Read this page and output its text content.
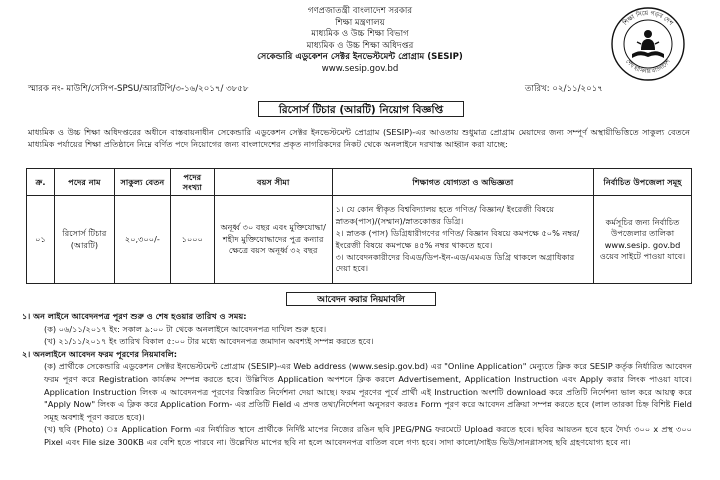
গণপ্রজাতন্ত্রী বাংলাদেশ সরকার
শিক্ষা মন্ত্রণালয়
মাধ্যমিক ও উচ্চ শিক্ষা বিভাগ
মাধ্যমিক ও উচ্চ শিক্ষা অধিদপ্তর
সেকেন্ডারি এডুকেশন সেক্টর ইনভেস্টমেন্ট প্রোগ্রাম (SESIP)
www.sesip.gov.bd
শিক্ষা নিয়ে গড়ব দেশ
শেখ হাসিনার বাংলাদেশ
স্মারক নং- মাউশি/সেসিপ-SPSU/আরটিপি/৩-১৬/২০১৭/ ৩৮৫৮	তারিখ: ০২/১১/২০১৭
রিসোর্স টিচার (আরটি) নিয়োগ বিজ্ঞপ্তি
মাধ্যমিক ও উচ্চ শিক্ষা অধিদপ্তরের অধীনে বাস্তবায়নাধীন সেকেন্ডারি এডুকেশন সেক্টর ইনভেস্টমেন্ট প্রোগ্রাম (SESIP)-এর আওতায় শুধুমাত্র প্রোগ্রাম মেয়াদের জন্য সম্পূর্ণ অস্থায়ীভিত্তিতে সাকুল্য বেতনে মাধ্যমিক পর্যায়ের শিক্ষা প্রতিষ্ঠানে নিম্নে বর্ণিত পদে নিয়োগের জন্য বাংলাদেশের প্রকৃত নাগরিকদের নিকট থেকে অনলাইনে দরখাস্ত আহ্বান করা যাচ্ছে:
ক্র.	পদের নাম	সাকুল্য বেতন	পদের সংখ্যা	বয়স সীমা	শিক্ষাগত যোগ্যতা ও অভিজ্ঞতা	নির্বাচিত উপজেলা সমূহ
০১	রিসোর্স টিচার (আরটি)	২০,৩০০/-	১০০০	অনূর্ধ্ব ৩০ বছর এবং মুক্তিযোদ্ধা/শহীদ মুক্তিযোদ্ধাদের পুত্র কন্যার ক্ষেত্রে বয়স অনূর্ধ্ব ৩২ বছর	১। যে কোন স্বীকৃত বিশ্ববিদ্যালয় হতে গণিত/ বিজ্ঞান/ ইংরেজী বিষয়ে স্নাতক(পাস)/(সম্মান)/স্নাতকোত্তর ডিগ্রি।
২। স্নাতক (পাস) ডিগ্রিধারীগণের গণিত/ বিজ্ঞান বিষয়ে কমপক্ষে ৫০% নম্বর/ইংরেজী বিষয়ে কমপক্ষে ৪৫% নম্বর থাকতে হবে।
৩। আবেদনকারীদের বিএড/ডিপ-ইন-এড/এমএড ডিগ্রি থাকলে অগ্রাধিকার দেয়া হবে।	কর্মসূচির জন্য নির্বাচিত উপজেলার তালিকা www.sesip. gov.bd ওয়েব সাইটে পাওয়া যাবে।
আবেদন করার নিয়মাবলি
১। অন লাইনে আবেদনপত্র পূরণ শুরু ও শেষ হওয়ার তারিখ ও সময়:
(ক) ০৬/১১/২০১৭ ইং: সকাল ৯:০০ টা থেকে অনলাইনে আবেদনপত্র দাখিল শুরু হবে।
(খ) ২১/১১/২০১৭ ইং তারিখ বিকাল ৫:০০ টার মধ্যে আবেদনপত্র জমাদান অবশ্যই সম্পন্ন করতে হবে।
২। অনলাইনে আবেদন ফরম পূরণের নিয়মাবলি:
(ক) প্রার্থীকে সেকেন্ডারি এডুকেশন সেক্টর ইনভেস্টমেন্ট প্রোগ্রাম (SESIP)-এর Web address (www.sesip.gov.bd) এর "Online Application" মেন্যুতে ক্লিক করে SESIP কর্তৃক নির্ধারিত আবেদন ফরম পূরণ করে Registration কার্যক্রম সম্পন্ন করতে হবে। উল্লিখিত Application অপশনে ক্লিক করলে Advertisement, Application Instruction এবং Apply করার লিংক পাওয়া যাবে। Application Instruction লিংক এ আবেদনপত্র পূরণের বিস্তারিত নির্দেশনা দেয়া আছে। ফরম পূরণের পূর্বে প্রার্থী এই Instruction অংশটি download করে প্রতিটি নির্দেশনা ভাল করে আয়ত্ব করে "Apply Now" লিংক এ ক্লিক করে Application Form- এর প্রতিটি Field এ প্রদত্ত তথ্য/নির্দেশনা অনুসরণ করতঃ Form পূরণ করে আবেদন প্রক্রিয়া সম্পন্ন করতে হবে (লাল তারকা চিহ্ন বিশিষ্ট Field সমূহ অবশ্যই পূরণ করতে হবে)।
(খ) ছবি (Photo) ঃ Application Form এর নির্ধারিত স্থানে প্রার্থীকে নির্দিষ্ট মাপের নিজের রঙিন ছবি JPEG/PNG ফরমেটে Upload করতে হবে। ছবির আয়তন হবে হবে দৈর্ঘ্য ৩০০ x প্রস্থ ৩০০ Pixel এবং File size 300KB এর বেশি হতে পারবে না। উল্লেখিত মাপের ছবি না হলে আবেদনপত্র বাতিল বলে গণ্য হবে। সাদা কালো/সাইড ভিউ/সানগ্লাসসহ ছবি গ্রহণযোগ্য হবে না।
